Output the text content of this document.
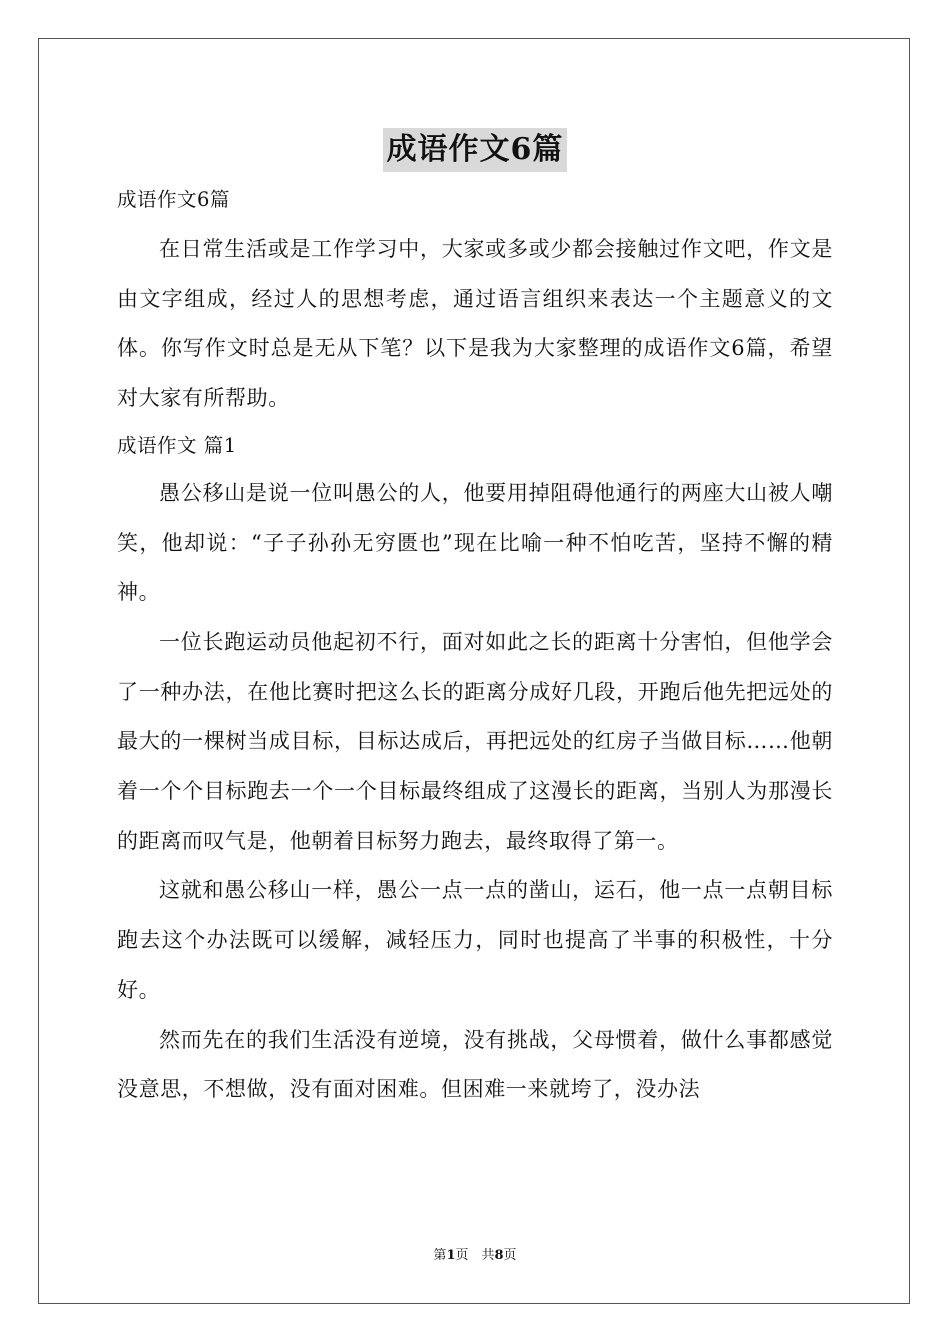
成语作文6篇
成语作文6篇

在日常生活或是工作学习中，大家或多或少都会接触过作文吧，作文是由文字组成，经过人的思想考虑，通过语言组织来表达一个主题意义的文体。你写作文时总是无从下笔？以下是我为大家整理的成语作文6篇，希望对大家有所帮助。

成语作文 篇1

愚公移山是说一位叫愚公的人，他要用掉阻碍他通行的两座大山被人嘲笑，他却说：“子子孙孙无穷匮也”现在比喻一种不怕吃苦，坚持不懈的精神。

一位长跑运动员他起初不行，面对如此之长的距离十分害怕，但他学会了一种办法，在他比赛时把这么长的距离分成好几段，开跑后他先把远处的最大的一棵树当成目标，目标达成后，再把远处的红房子当做目标……他朝着一个个目标跑去一个一个目标最终组成了这漫长的距离，当别人为那漫长的距离而叹气是，他朝着目标努力跑去，最终取得了第一。

这就和愚公移山一样，愚公一点一点的凿山，运石，他一点一点朝目标跑去这个办法既可以缓解，减轻压力，同时也提高了半事的积极性，十分好。

然而先在的我们生活没有逆境，没有挑战，父母惯着，做什么事都感觉没意思，不想做，没有面对困难。但困难一来就垮了，没办法

第1页　共8页
